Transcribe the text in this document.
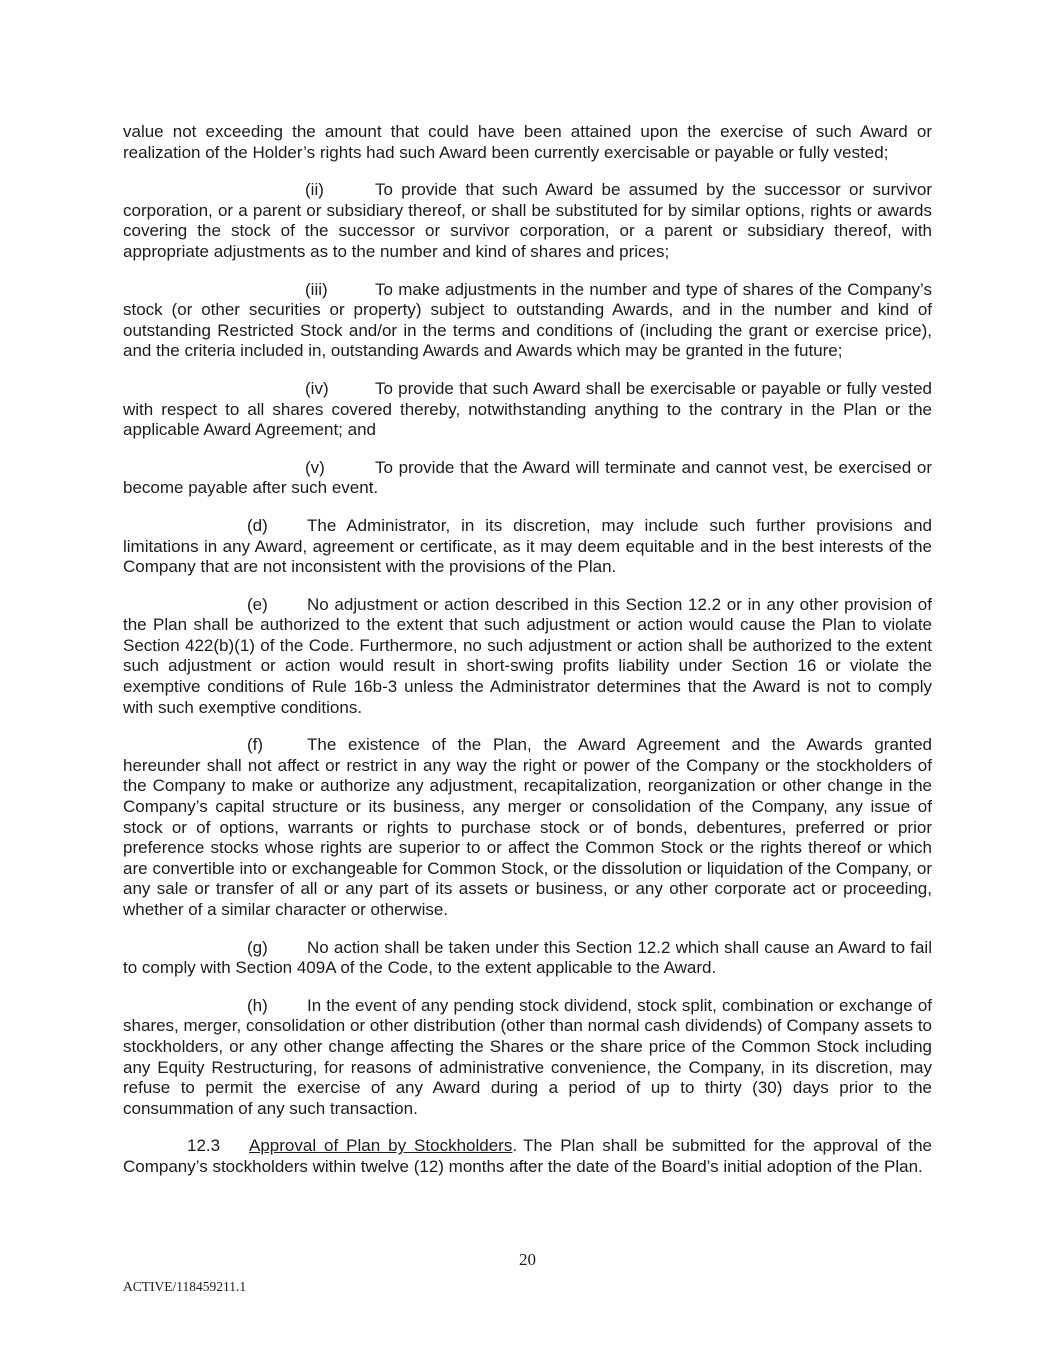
value not exceeding the amount that could have been attained upon the exercise of such Award or realization of the Holder’s rights had such Award been currently exercisable or payable or fully vested;

(ii)	To provide that such Award be assumed by the successor or survivor corporation, or a parent or subsidiary thereof, or shall be substituted for by similar options, rights or awards covering the stock of the successor or survivor corporation, or a parent or subsidiary thereof, with appropriate adjustments as to the number and kind of shares and prices;

(iii)	To make adjustments in the number and type of shares of the Company’s stock (or other securities or property) subject to outstanding Awards, and in the number and kind of outstanding Restricted Stock and/or in the terms and conditions of (including the grant or exercise price), and the criteria included in, outstanding Awards and Awards which may be granted in the future;

(iv)	To provide that such Award shall be exercisable or payable or fully vested with respect to all shares covered thereby, notwithstanding anything to the contrary in the Plan or the applicable Award Agreement; and

(v)	To provide that the Award will terminate and cannot vest, be exercised or become payable after such event.

(d) The Administrator, in its discretion, may include such further provisions and limitations in any Award, agreement or certificate, as it may deem equitable and in the best interests of the Company that are not inconsistent with the provisions of the Plan.

(e) No adjustment or action described in this Section 12.2 or in any other provision of the Plan shall be authorized to the extent that such adjustment or action would cause the Plan to violate Section 422(b)(1) of the Code. Furthermore, no such adjustment or action shall be authorized to the extent such adjustment or action would result in short-swing profits liability under Section 16 or violate the exemptive conditions of Rule 16b-3 unless the Administrator determines that the Award is not to comply with such exemptive conditions.

(f)	The existence of the Plan, the Award Agreement and the Awards granted hereunder shall not affect or restrict in any way the right or power of the Company or the stockholders of the Company to make or authorize any adjustment, recapitalization, reorganization or other change in the Company’s capital structure or its business, any merger or consolidation of the Company, any issue of stock or of options, warrants or rights to purchase stock or of bonds, debentures, preferred or prior preference stocks whose rights are superior to or affect the Common Stock or the rights thereof or which are convertible into or exchangeable for Common Stock, or the dissolution or liquidation of the Company, or any sale or transfer of all or any part of its assets or business, or any other corporate act or proceeding, whether of a similar character or otherwise.

(g) No action shall be taken under this Section 12.2 which shall cause an Award to fail to comply with Section 409A of the Code, to the extent applicable to the Award.

(h) In the event of any pending stock dividend, stock split, combination or exchange of shares, merger, consolidation or other distribution (other than normal cash dividends) of Company assets to stockholders, or any other change affecting the Shares or the share price of the Common Stock including any Equity Restructuring, for reasons of administrative convenience, the Company, in its discretion, may refuse to permit the exercise of any Award during a period of up to thirty (30) days prior to the consummation of any such transaction.

12.3 Approval of Plan by Stockholders. The Plan shall be submitted for the approval of the Company’s stockholders within twelve (12) months after the date of the Board’s initial adoption of the Plan.

20
ACTIVE/118459211.1
